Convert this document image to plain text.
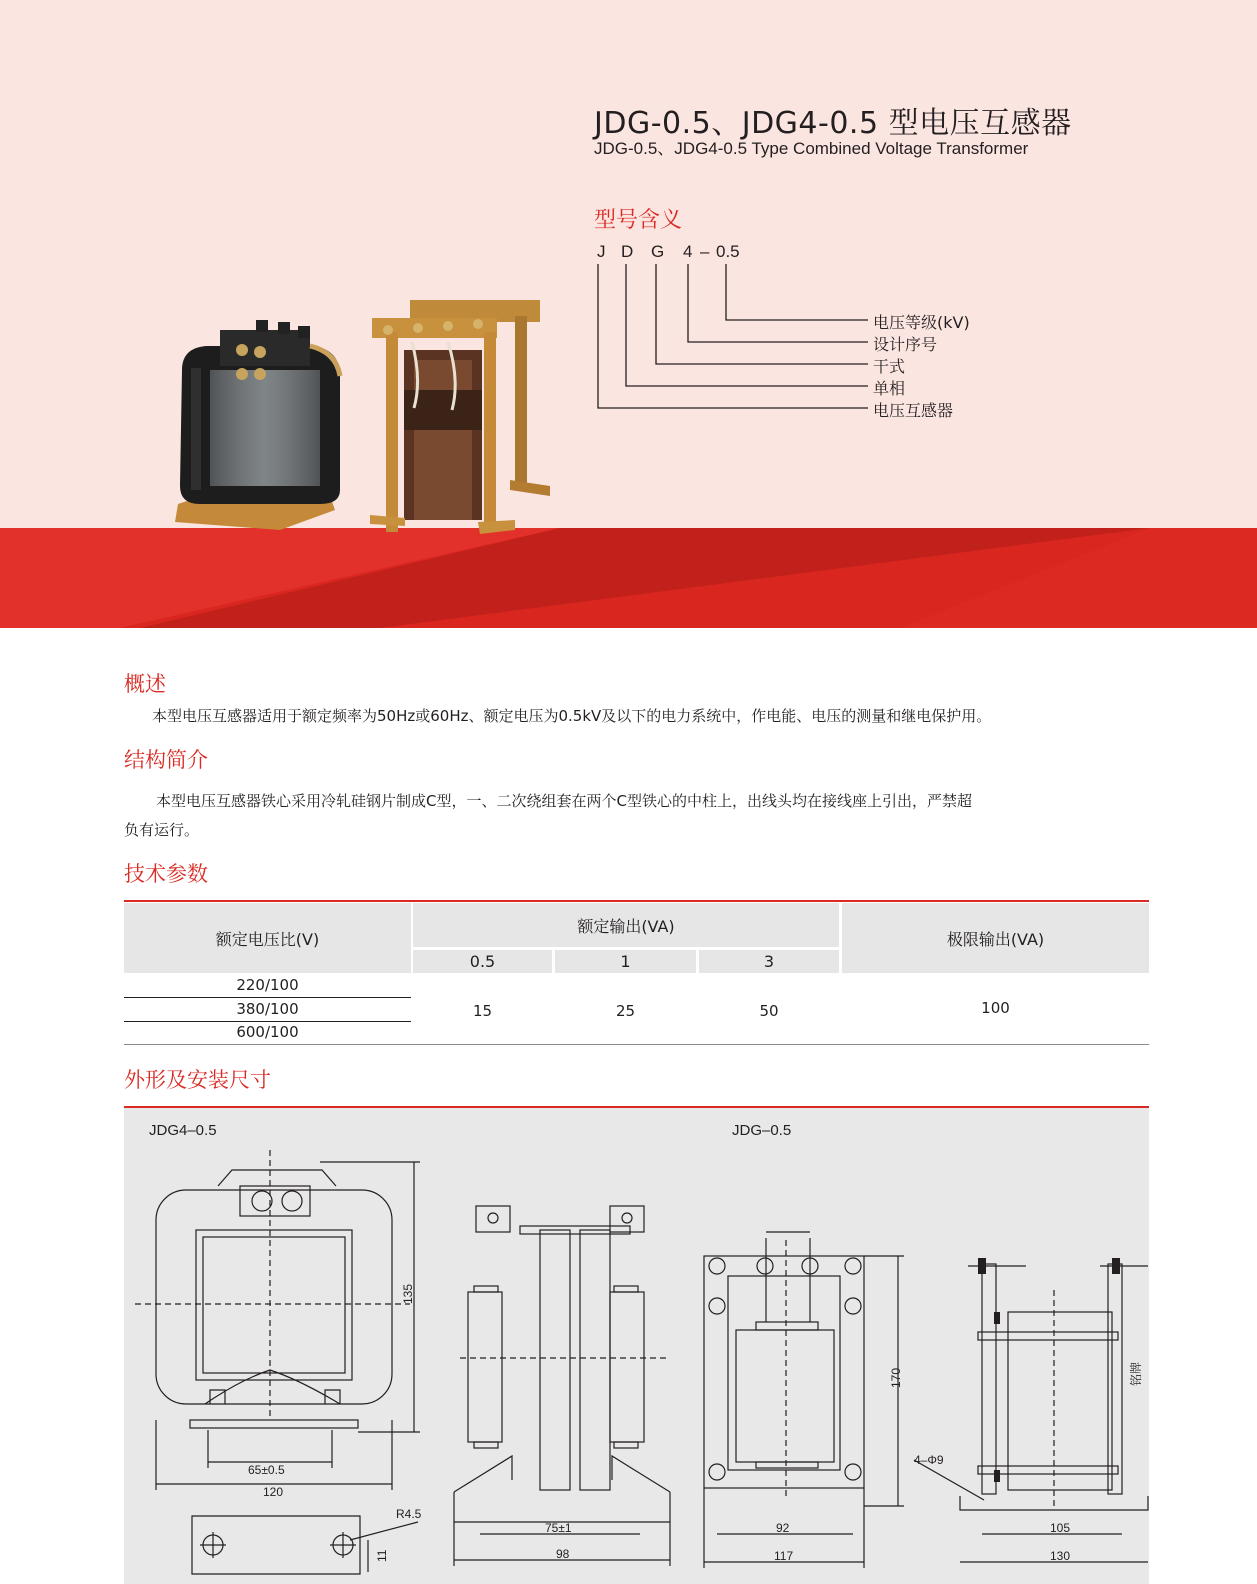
JDG-0.5、JDG4-0.5 型电压互感器
JDG-0.5、JDG4-0.5 Type Combined Voltage Transformer
型号含义
J D G 4 – 0.5
电压等级(kV)
设计序号
干式
单相
电压互感器
概述
本型电压互感器适用于额定频率为50Hz或60Hz、额定电压为0.5kV及以下的电力系统中，作电能、电压的测量和继电保护用。
结构简介
本型电压互感器铁心采用冷轧硅钢片制成C型，一、二次绕组套在两个C型铁心的中柱上，出线头均在接线座上引出，严禁超
负有运行。
技术参数
额定电压比(V)
额定输出(VA)
0.5	1	3
极限输出(VA)
220/100
380/100
600/100
15	25	50	100
外形及安装尺寸
JDG4–0.5	JDG–0.5
135
65±0.5
120
R4.5
11
75±1
98
170
92
117
4–Φ9
铭牌
105
130
